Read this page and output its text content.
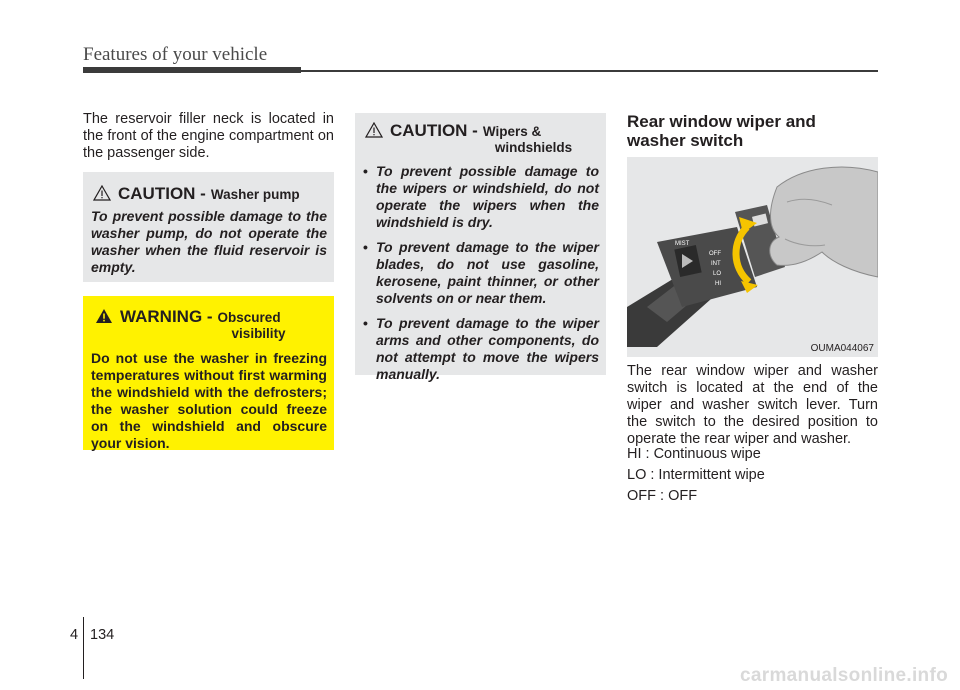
Features of your vehicle

The reservoir filler neck is located in the front of the engine compartment on the passenger side.

CAUTION - Washer pump

To prevent possible damage to the washer pump, do not operate the washer when the fluid reservoir is empty.

WARNING - Obscured
visibility

Do not use the washer in freezing temperatures without first warming the windshield with the defrosters; the washer solution could freeze on the windshield and obscure your vision.

CAUTION - Wipers &
windshields
• To prevent possible damage to the wipers or windshield, do not operate the wipers when the windshield is dry.
• To prevent damage to the wiper blades, do not use gasoline, kerosene, paint thinner, or other solvents on or near them.
• To prevent damage to the wiper arms and other components, do not attempt to move the wipers manually.
Rear window wiper and washer switch
MIST
OFF
INT
LO
HI
OUMA044067

The rear window wiper and washer switch is located at the end of the wiper and washer switch lever. Turn the switch to the desired position to operate the rear wiper and washer.

HI : Continuous wipe
LO : Intermittent wipe
OFF : OFF
4 134
carmanualsonline.info
